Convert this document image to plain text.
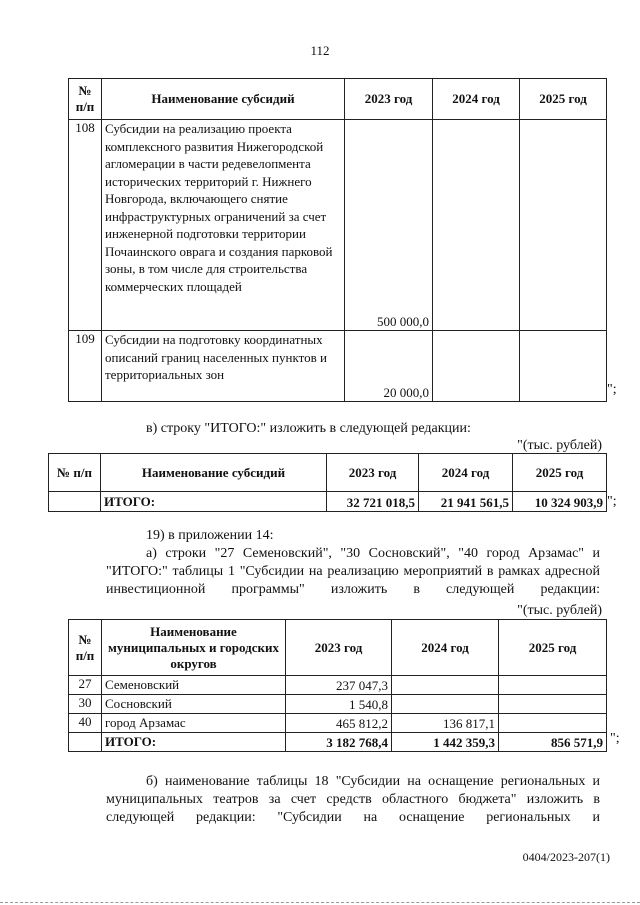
112
№ п/п	Наименование субсидий	2023 год	2024 год	2025 год
108	Субсидии на реализацию проекта комплексного развития Нижегородской агломерации в части редевелопмента исторических территорий г. Нижнего Новгорода, включающего снятие инфраструктурных ограничений за счет инженерной подготовки территории Почаинского оврага и создания парковой зоны, в том числе для строительства коммерческих площадей	500 000,0		
109	Субсидии на подготовку координатных описаний границ населенных пунктов и территориальных зон	20 000,0			";
в) строку "ИТОГО:" изложить в следующей редакции:
"(тыс. рублей)
№ п/п	Наименование субсидий	2023 год	2024 год	2025 год
	ИТОГО:	32 721 018,5	21 941 561,5	10 324 903,9 ";
19) в приложении 14:
а) строки "27 Семеновский", "30 Сосновский", "40 город Арзамас" и "ИТОГО:" таблицы 1 "Субсидии на реализацию мероприятий в рамках адресной инвестиционной программы" изложить в следующей редакции:
"(тыс. рублей)
№ п/п	Наименование муниципальных и городских округов	2023 год	2024 год	2025 год
27	Семеновский	237 047,3		
30	Сосновский	1 540,8		
40	город Арзамас	465 812,2	136 817,1	
	ИТОГО:	3 182 768,4	1 442 359,3	856 571,9 ";
б) наименование таблицы 18 "Субсидии на оснащение региональных и муниципальных театров за счет средств областного бюджета" изложить в следующей редакции: "Субсидии на оснащение региональных и
0404/2023-207(1)
